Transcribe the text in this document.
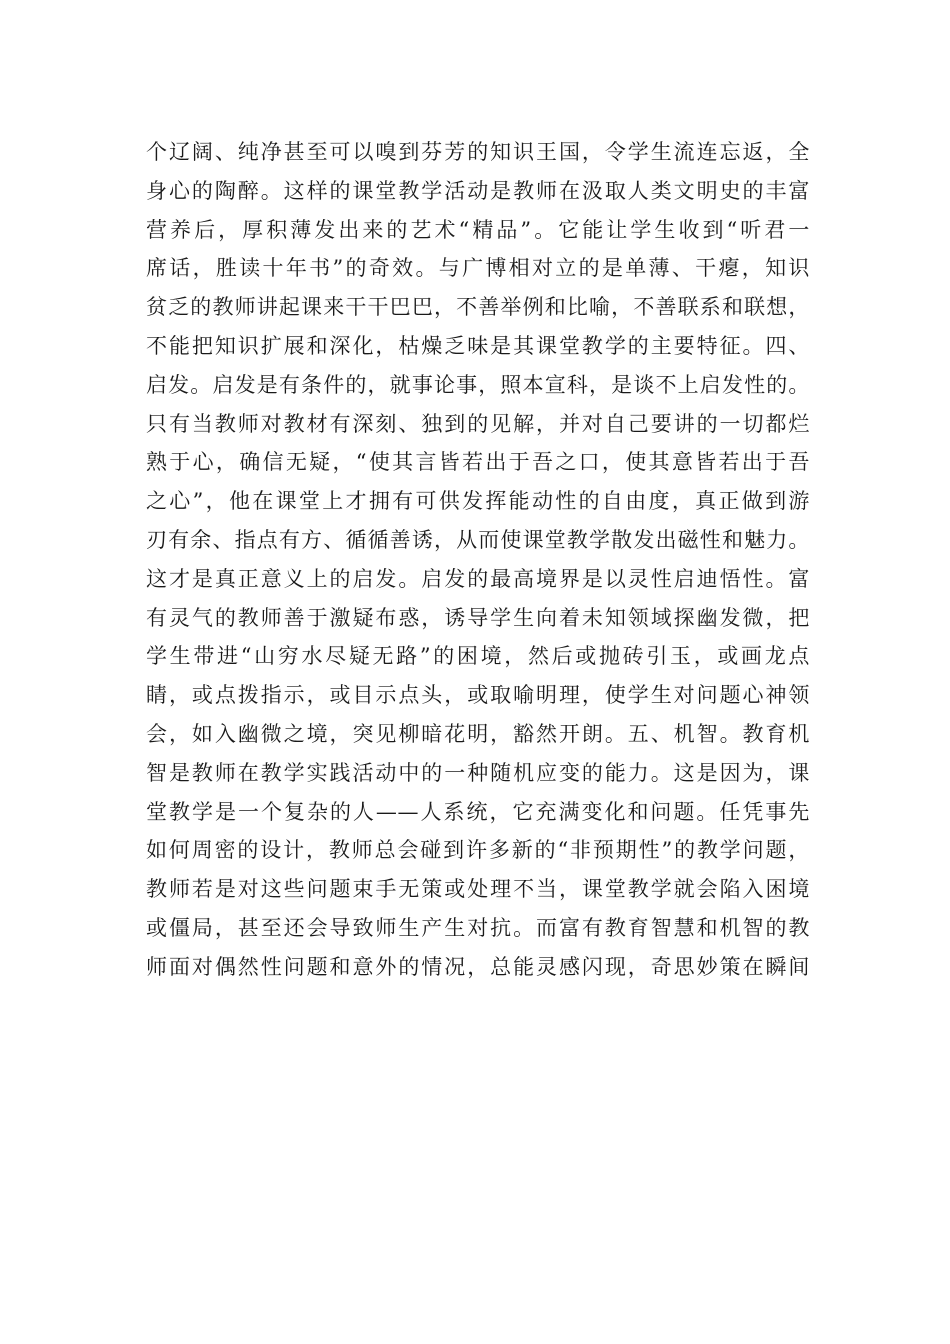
个辽阔、纯净甚至可以嗅到芬芳的知识王国，令学生流连忘返，全
身心的陶醉。这样的课堂教学活动是教师在汲取人类文明史的丰富
营养后，厚积薄发出来的艺术“精品”。它能让学生收到“听君一
席话，胜读十年书”的奇效。与广博相对立的是单薄、干瘪，知识
贫乏的教师讲起课来干干巴巴，不善举例和比喻，不善联系和联想，
不能把知识扩展和深化，枯燥乏味是其课堂教学的主要特征。四、
启发。启发是有条件的，就事论事，照本宣科，是谈不上启发性的。
只有当教师对教材有深刻、独到的见解，并对自己要讲的一切都烂
熟于心，确信无疑，“使其言皆若出于吾之口，使其意皆若出于吾
之心”，他在课堂上才拥有可供发挥能动性的自由度，真正做到游
刃有余、指点有方、循循善诱，从而使课堂教学散发出磁性和魅力。
这才是真正意义上的启发。启发的最高境界是以灵性启迪悟性。富
有灵气的教师善于激疑布惑，诱导学生向着未知领域探幽发微，把
学生带进“山穷水尽疑无路”的困境，然后或抛砖引玉，或画龙点
睛，或点拨指示，或目示点头，或取喻明理，使学生对问题心神领
会，如入幽微之境，突见柳暗花明，豁然开朗。五、机智。教育机
智是教师在教学实践活动中的一种随机应变的能力。这是因为，课
堂教学是一个复杂的人——人系统，它充满变化和问题。任凭事先
如何周密的设计，教师总会碰到许多新的“非预期性”的教学问题，
教师若是对这些问题束手无策或处理不当，课堂教学就会陷入困境
或僵局，甚至还会导致师生产生对抗。而富有教育智慧和机智的教
师面对偶然性问题和意外的情况，总能灵感闪现，奇思妙策在瞬间
